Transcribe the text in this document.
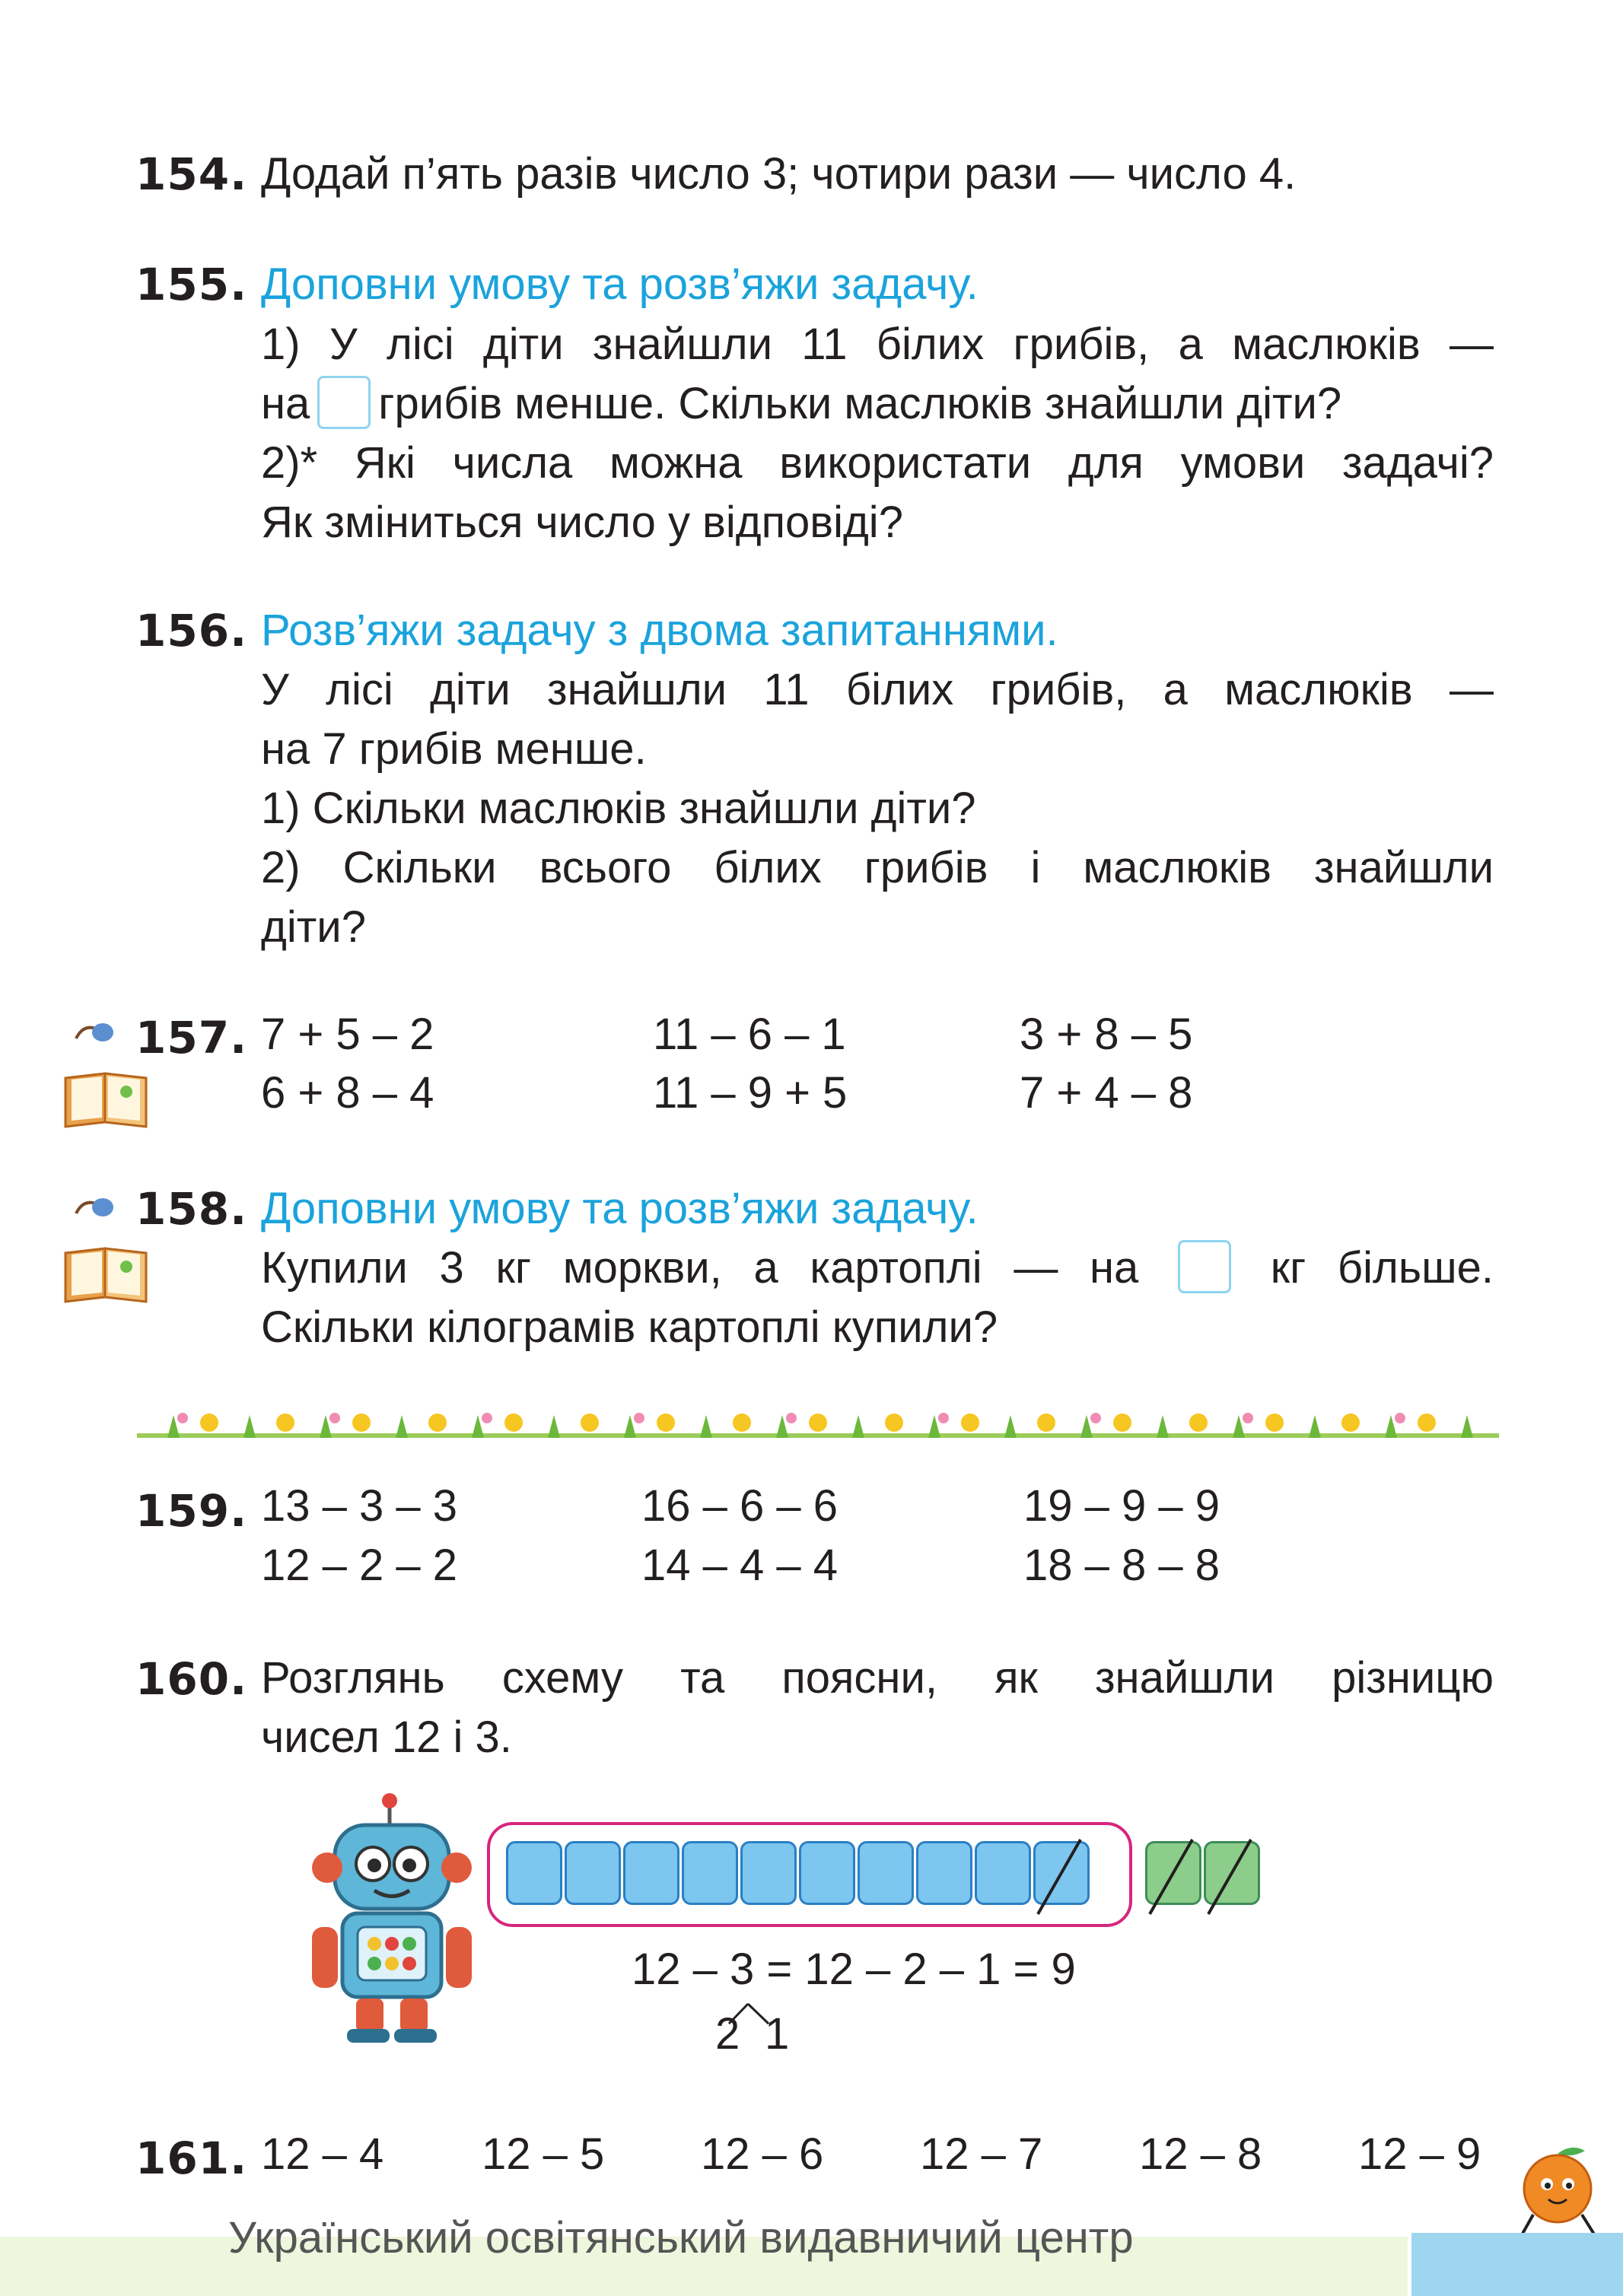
154. Додай п’ять разів число 3; чотири рази — число 4.
155. Доповни умову та розв’яжи задачу.
1) У лісі діти знайшли 11 білих грибів, а маслюків —
на грибів менше. Скільки маслюків знайшли діти?
2)* Які числа можна використати для умови задачі?
Як зміниться число у відповіді?
156. Розв’яжи задачу з двома запитаннями.
У лісі діти знайшли 11 білих грибів, а маслюків —
на 7 грибів менше.
1) Скільки маслюків знайшли діти?
2) Скільки всього білих грибів і маслюків знайшли
діти?
157. 7 + 5 – 2	11 – 6 – 1	3 + 8 – 5
6 + 8 – 4	11 – 9 + 5	7 + 4 – 8
158. Доповни умову та розв’яжи задачу.
Купили 3 кг моркви, а картоплі — на	кг більше.
Скільки кілограмів картоплі купили?
159. 13 – 3 – 3	16 – 6 – 6	19 – 9 – 9
12 – 2 – 2	14 – 4 – 4	18 – 8 – 8
160. Розглянь схему та поясни, як знайшли різницю
чисел 12 і 3.
12 – 3 = 12 – 2 – 1 = 9
2 1
161. 12 – 4 12 – 5 12 – 6 12 – 7 12 – 8 12 – 9
Український освітянський видавничий центр
